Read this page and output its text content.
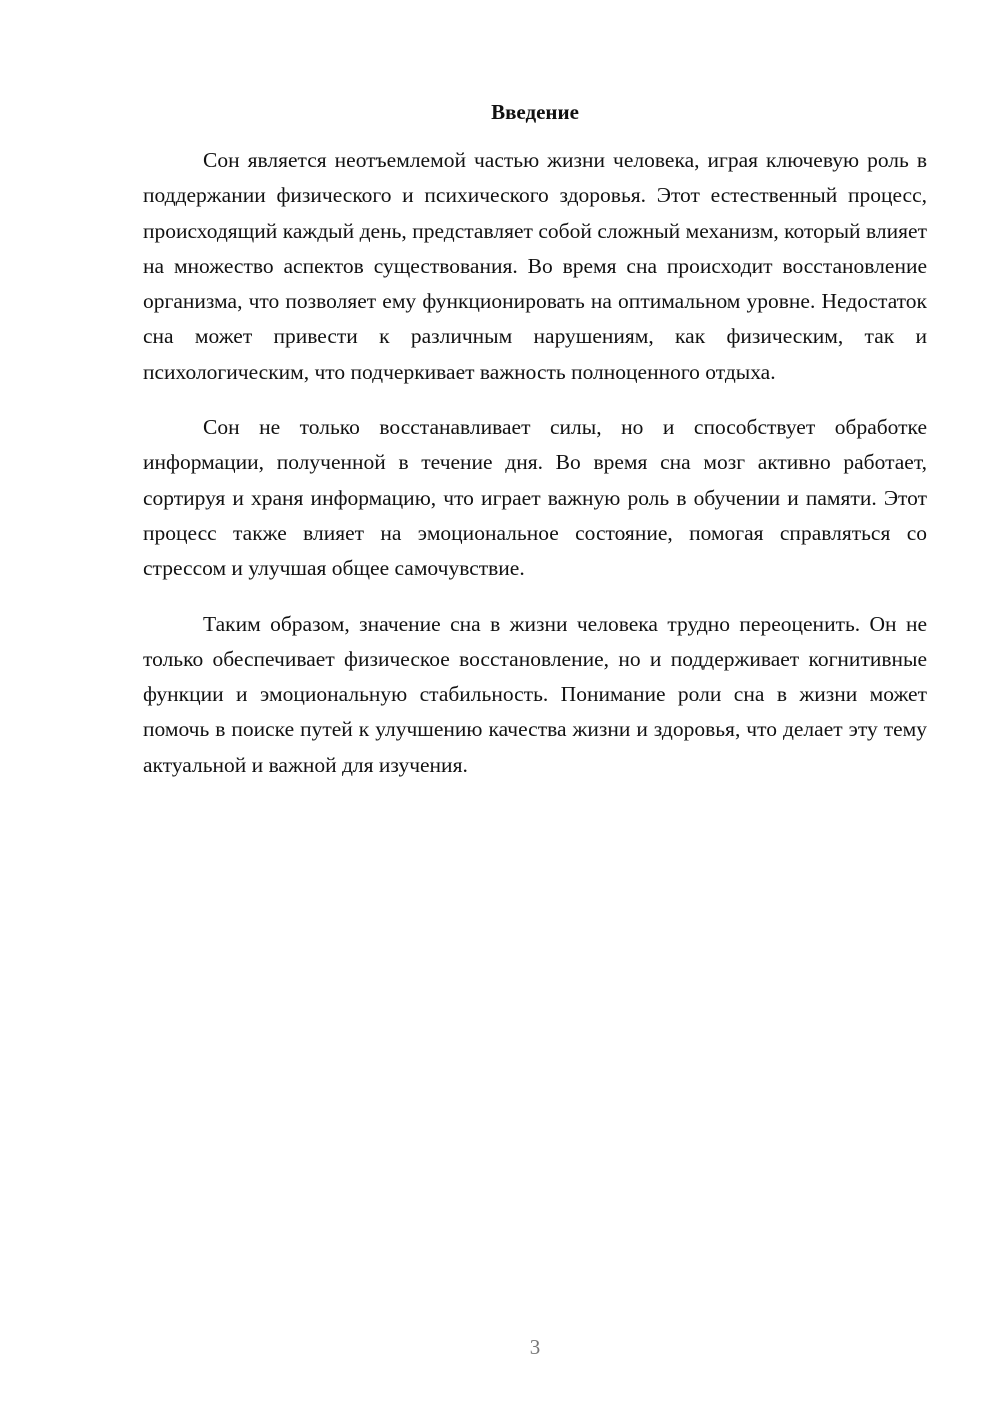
Введение

Сон является неотъемлемой частью жизни человека, играя ключевую роль в поддержании физического и психического здоровья. Этот естественный процесс, происходящий каждый день, представляет собой сложный механизм, который влияет на множество аспектов существования. Во время сна происходит восстановление организма, что позволяет ему функционировать на оптимальном уровне. Недостаток сна может привести к различным нарушениям, как физическим, так и психологическим, что подчеркивает важность полноценного отдыха.

Сон не только восстанавливает силы, но и способствует обработке информации, полученной в течение дня. Во время сна мозг активно работает, сортируя и храня информацию, что играет важную роль в обучении и памяти. Этот процесс также влияет на эмоциональное состояние, помогая справляться со стрессом и улучшая общее самочувствие.

Таким образом, значение сна в жизни человека трудно переоценить. Он не только обеспечивает физическое восстановление, но и поддерживает когнитивные функции и эмоциональную стабильность. Понимание роли сна в жизни может помочь в поиске путей к улучшению качества жизни и здоровья, что делает эту тему актуальной и важной для изучения.

3
